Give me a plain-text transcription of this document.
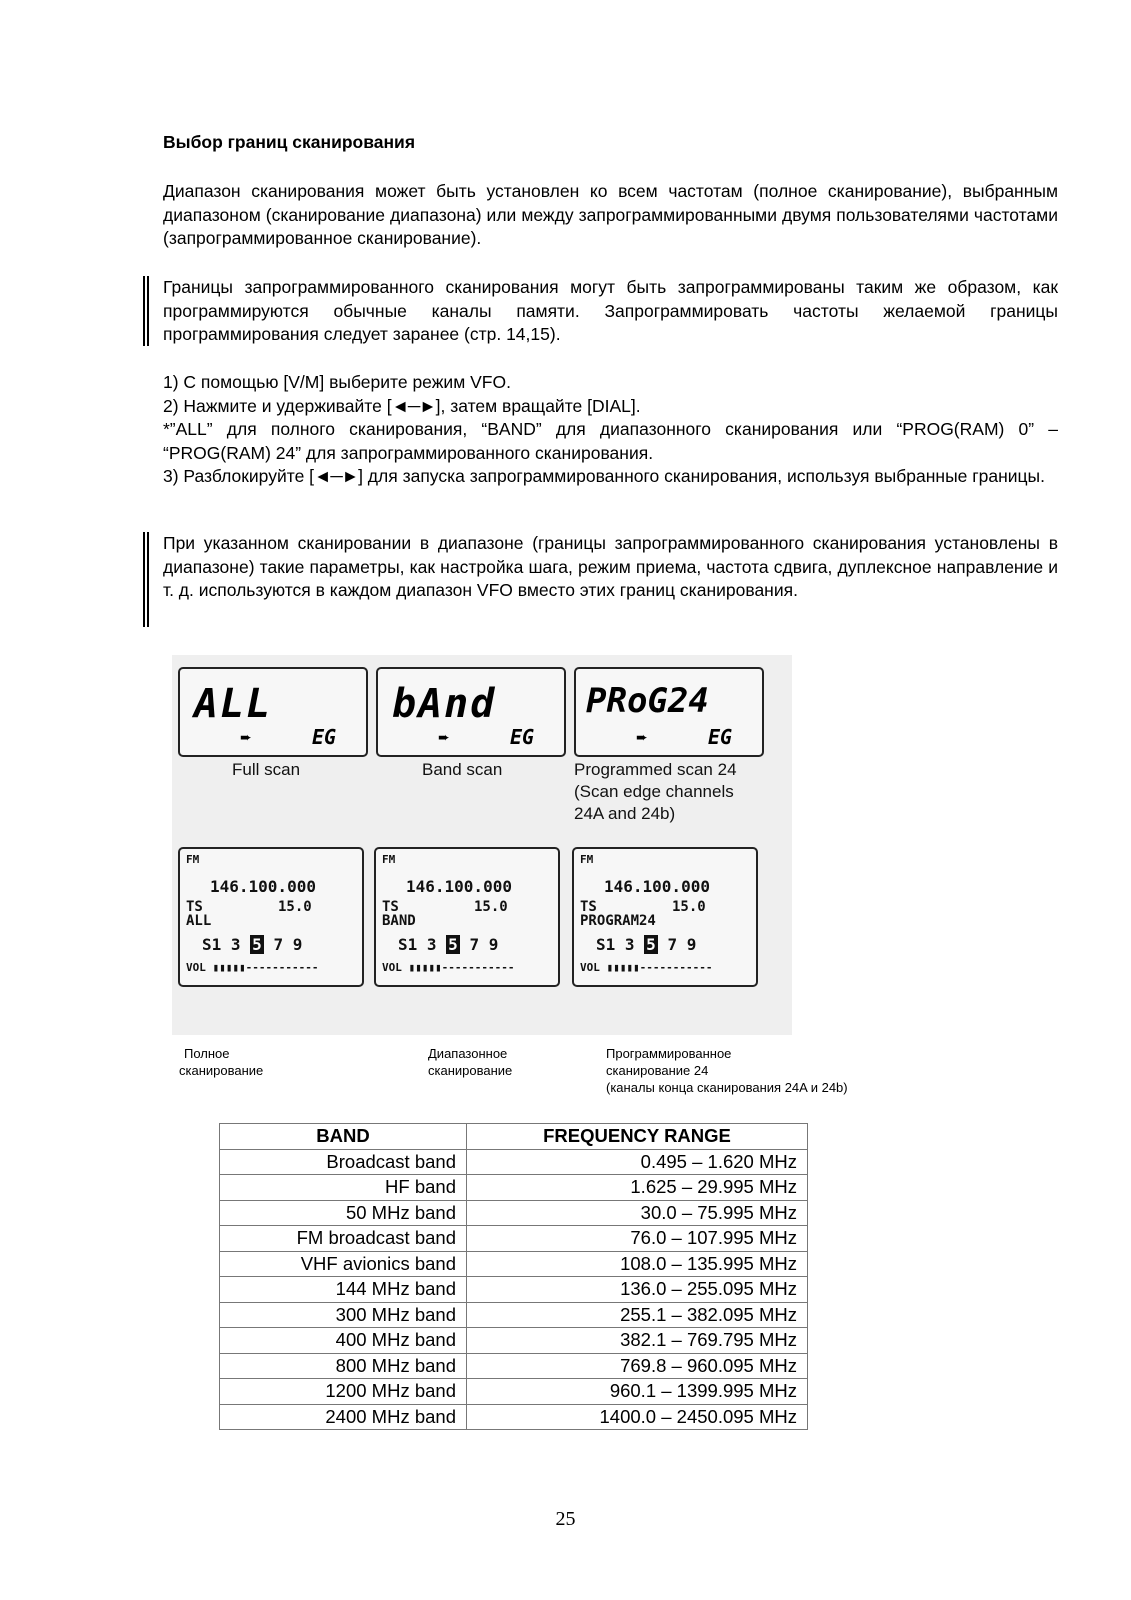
Выбор границ сканирования

Диапазон сканирования может быть установлен ко всем частотам (полное сканирование), выбранным диапазоном (сканирование диапазона) или между запрограммированными двумя пользователями частотами (запрограммированное сканирование).

Границы запрограммированного сканирования могут быть запрограммированы таким же образом, как программируются обычные каналы памяти. Запрограммировать частоты желаемой границы программирования следует заранее (стр. 14,15).

1) С помощью [V/M] выберите режим VFO.

2) Нажмите и удерживайте [◄─►], затем вращайте [DIAL].

*”ALL” для полного сканирования, “BAND” для диапазонного сканирования или “PROG(RAM) 0” – “PROG(RAM) 24” для запрограммированного сканирования.

3) Разблокируйте [◄─►] для запуска запрограммированного сканирования, используя выбранные границы.

При указанном сканировании в диапазоне (границы запрограммированного сканирования установлены в диапазоне) такие параметры, как настройка шага, режим приема, частота сдвига, дуплексное направление и т. д. используются в каждом диапазон VFO вместо этих границ сканирования.

ALL
➨	EG
bAnd
➨	EG
PRoG24
➨	EG
Full scan	Band scan	Programmed scan 24
(Scan edge channels
24A and 24b)
FM
146.100.000
TS	15.0
ALL
S1 3 5 7 9
VOL ▮▮▮▮▮-----------
FM
146.100.000
TS	15.0
BAND
S1 3 5 7 9
VOL ▮▮▮▮▮-----------
FM
146.100.000
TS	15.0
PROGRAM24
S1 3 5 7 9
VOL ▮▮▮▮▮-----------
Полное
сканирование
Диапазонное
сканирование
Программированное
сканирование 24
(каналы конца сканирования 24A и 24b)
BAND	FREQUENCY RANGE
Broadcast band	0.495 – 1.620 MHz
HF band	1.625 – 29.995 MHz
50 MHz band	30.0 – 75.995 MHz
FM broadcast band	76.0 – 107.995 MHz
VHF avionics band	108.0 – 135.995 MHz
144 MHz band	136.0 – 255.095 MHz
300 MHz band	255.1 – 382.095 MHz
400 MHz band	382.1 – 769.795 MHz
800 MHz band	769.8 – 960.095 MHz
1200 MHz band	960.1 – 1399.995 MHz
2400 MHz band	1400.0 – 2450.095 MHz
25
